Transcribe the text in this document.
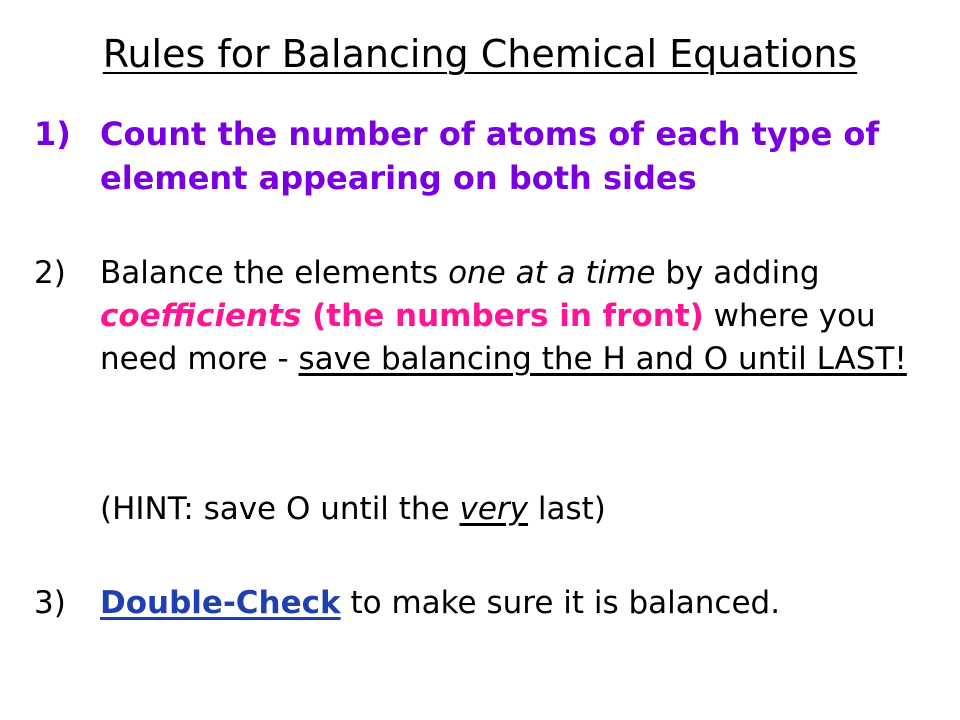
Rules for Balancing Chemical Equations
1) Count the number of atoms of each type of element appearing on both sides
2) Balance the elements one at a time by adding coefficients (the numbers in front) where you need more - save balancing the H and O until LAST!
(HINT: save O until the very last)
3) Double-Check to make sure it is balanced.
